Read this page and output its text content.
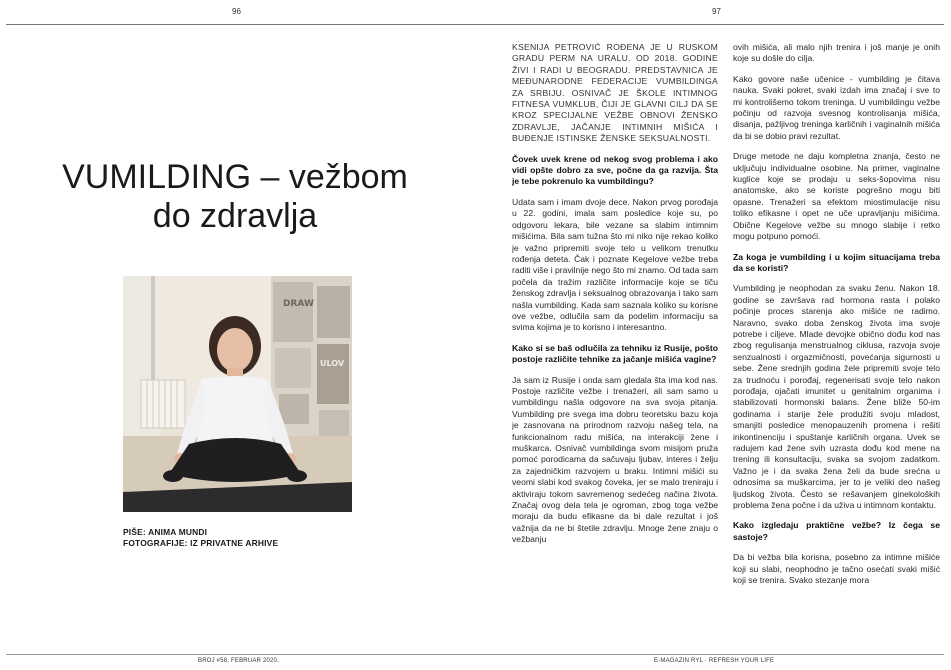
96	97
VUMILDING – vežbom
do zdravlja
DRAW
ULOV
PIŠE: ANIMA MUNDI
FOTOGRAFIJE: IZ PRIVATNE ARHIVE

KSENIJA PETROVIĆ ROĐENA JE U RUSKOM GRADU PERM NA URALU. OD 2018. GODINE ŽIVI I RADI U BEOGRADU. PREDSTAVNICA JE MEĐUNARODNE FEDERACIJE VUMBILDINGA ZA SRBIJU. OSNIVAČ JE ŠKOLE INTIMNOG FITNESA VUMKLUB, ČIJI JE GLAVNI CILJ DA SE KROZ SPECIJALNE VEŽBE OBNOVI ŽENSKO ZDRAVLJE, JAČANJE INTIMNIH MIŠIĆA I BUĐENJE ISTINSKE ŽENSKE SEKSUALNOSTI.

Čovek uvek krene od nekog svog problema i ako vidi opšte dobro za sve, počne da ga razvija. Šta je tebe pokrenulo ka vumbildingu?

Udata sam i imam dvoje dece. Nakon prvog porođaja u 22. godini, imala sam posledice koje su, po odgovoru lekara, bile vezane sa slabim intimnim mišićima. Bila sam tužna što mi niko nije rekao koliko je važno pripremiti svoje telo u velikom trenutku rođenja deteta. Čak i poznate Kegelove vežbe treba raditi više i pravilnije nego što mi znamo. Od tada sam počela da tražim različite informacije koje se tiču ženskog zdravlja i seksualnog obrazovanja i tako sam našla vumbilding. Kada sam saznala koliko su korisne ove vežbe, odlučila sam da podelim informaciju sa svima kojima je to korisno i interesantno.

Kako si se baš odlučila za tehniku iz Rusije, pošto postoje različite tehnike za jačanje mišića vagine?

Ja sam iz Rusije i onda sam gledala šta ima kod nas. Postoje različite vežbe i trenažeri, ali sam samo u vumbildingu našla odgovore na sva svoja pitanja. Vumbilding pre svega ima dobru teoretsku bazu koja je zasnovana na prirodnom razvoju našeg tela, na funkcionalnom radu mišića, na interakciji žene i muškarca. Osnivač vumbildinga svom misijom pruža pomoć porodicama da sačuvaju ljubav, interes i želju za zajedničkim razvojem u braku. Intimni mišići su veomi slabi kod svakog čoveka, jer se malo treniraju i aktiviraju tokom savremenog sedećeg načina života. Značaj ovog dela tela je ogroman, zbog toga vežbe moraju da budu efikasne da bi dale rezultat i još važnija da ne bi štetile zdravlju. Mnoge žene znaju o vežbanju

ovih mišića, ali malo njih trenira i još manje je onih koje su došle do cilja.

Kako govore naše učenice - vumbilding je čitava nauka. Svaki pokret, svaki izdah ima značaj i sve to mi kontrolišemo tokom treninga. U vumbildingu vežbe počinju od razvoja svesnog kontrolisanja mišića, disanja, pažljivog treninga karličnih i vaginalnih mišića da bi se dobio pravi rezultat.

Druge metode ne daju kompletna znanja, često ne uključuju individualne osobine. Na primer, vaginalne kuglice koje se prodaju u seks-šopovima nisu anatomske, ako se koriste pogrešno mogu biti opasne. Trenažeri sa efektom miostimulacije nisu toliko efikasne i opet ne uče upravljanju mišićima. Obične Kegelove vežbe su mnogo slabije i retko mogu potpuno pomoći.

Za koga je vumbilding i u kojim situacijama treba da se koristi?

Vumbilding je neophodan za svaku ženu. Nakon 18. godine se završava rad hormona rasta i polako počinje proces starenja ako mišiće ne radimo. Naravno, svako doba ženskog života ima svoje potrebe i ciljeve. Mlade devojke obično dođu kod nas zbog regulisanja menstrualnog ciklusa, razvoja svoje senzualnosti i orgazmičnosti, povećanja sigurnosti u sebe. Žene srednjih godina žele pripremiti svoje telo za trudnoću i porođaj, regenerisati svoje telo nakon porođaja, ojačati imunitet u genitalnim organima i stabilizovati hormonski balans. Žene bliže 50-im godinama i starije žele produžiti svoju mladost, smanjiti posledice menopauzenih promena i rešiti inkontinenciju i spuštanje karličnih organa. Uvek se radujem kad žene svih uzrasta dođu kod mene na trening ili konsultaciju, svaka sa svojom zadatkom. Važno je i da svaka žena želi da bude srećna u odnosima sa muškarcima, jer to je veliki deo našeg ljudskog života. Često se rešavanjem ginekoloških problema žena počne i da uživa u intimnom kontaktu.

Kako izgledaju praktične vežbe? Iz čega se sastoje?

Da bi vežba bila korisna, posebno za intimne mišiće koji su slabi, neophodno je tačno osećati svaki mišić koji se trenira. Svako stezanje mora

BROJ #58, FEBRUAR 2020.	E-MAGAZIN RYL · REFRESH YOUR LIFE
